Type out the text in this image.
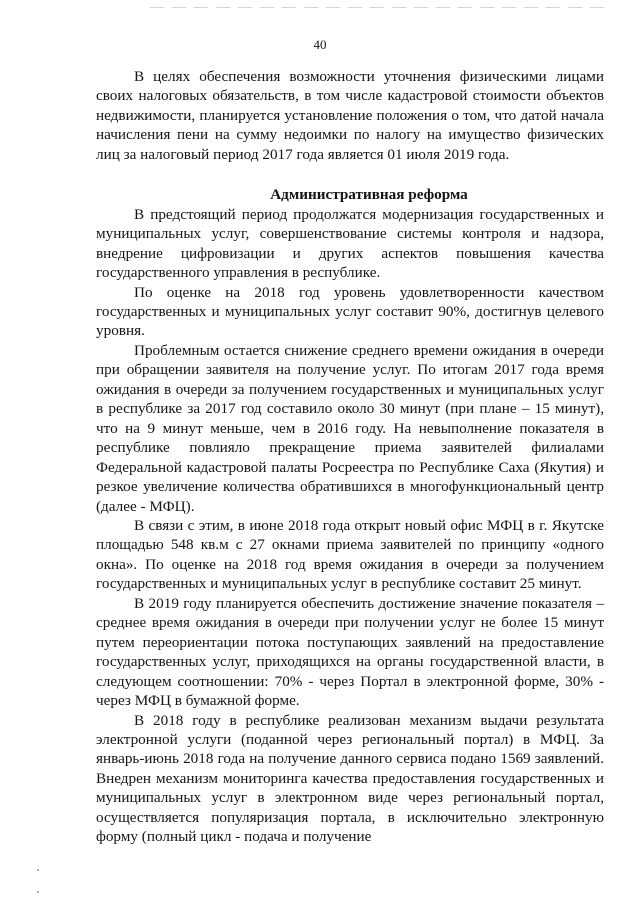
40

В целях обеспечения возможности уточнения физическими лицами своих налоговых обязательств, в том числе кадастровой стоимости объектов недвижимости, планируется установление положения о том, что датой начала начисления пени на сумму недоимки по налогу на имущество физических лиц за налоговый период 2017 года является 01 июля 2019 года.

Административная реформа

В предстоящий период продолжатся модернизация государственных и муниципальных услуг, совершенствование системы контроля и надзора, внедрение цифровизации и других аспектов повышения качества государственного управления в республике.

По оценке на 2018 год уровень удовлетворенности качеством государственных и муниципальных услуг составит 90%, достигнув целевого уровня.

Проблемным остается снижение среднего времени ожидания в очереди при обращении заявителя на получение услуг. По итогам 2017 года время ожидания в очереди за получением государственных и муниципальных услуг в республике за 2017 год составило около 30 минут (при плане – 15 минут), что на 9 минут меньше, чем в 2016 году. На невыполнение показателя в республике повлияло прекращение приема заявителей филиалами Федеральной кадастровой палаты Росреестра по Республике Саха (Якутия) и резкое увеличение количества обратившихся в многофункциональный центр (далее - МФЦ).

В связи с этим, в июне 2018 года открыт новый офис МФЦ в г. Якутске площадью 548 кв.м с 27 окнами приема заявителей по принципу «одного окна». По оценке на 2018 год время ожидания в очереди за получением государственных и муниципальных услуг в республике составит 25 минут.

В 2019 году планируется обеспечить достижение значение показателя – среднее время ожидания в очереди при получении услуг не более 15 минут путем переориентации потока поступающих заявлений на предоставление государственных услуг, приходящихся на органы государственной власти, в следующем соотношении: 70% - через Портал в электронной форме, 30% - через МФЦ в бумажной форме.

В 2018 году в республике реализован механизм выдачи результата электронной услуги (поданной через региональный портал) в МФЦ. За январь-июнь 2018 года на получение данного сервиса подано 1569 заявлений. Внедрен механизм мониторинга качества предоставления государственных и муниципальных услуг в электронном виде через региональный портал, осуществляется популяризация портала, в исключительно электронную форму (полный цикл - подача и получение
